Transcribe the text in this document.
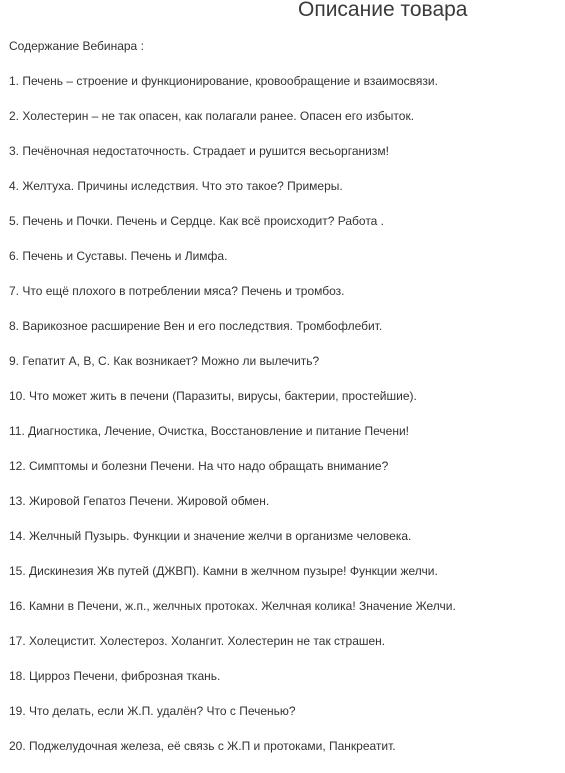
Описание товара

Содержание Вебинара :

1. Печень – строение и функционирование, кровообращение и взаимосвязи.
2. Холестерин – не так опасен, как полагали ранее. Опасен его избыток.
3. Печёночная недостаточность. Страдает и рушится весьорганизм!
4. Желтуха. Причины иследствия. Что это такое? Примеры.
5. Печень и Почки. Печень и Сердце. Как всё происходит? Работа .
6. Печень и Суставы. Печень и Лимфа.
7. Что ещё плохого в потреблении мяса? Печень и тромбоз.
8. Варикозное расширение Вен и его последствия. Тромбофлебит.
9. Гепатит А, В, С. Как возникает? Можно ли вылечить?
10. Что может жить в печени (Паразиты, вирусы, бактерии, простейшие).
11. Диагностика, Лечение, Очистка, Восстановление и питание Печени!
12. Симптомы и болезни Печени. На что надо обращать внимание?
13. Жировой Гепатоз Печени. Жировой обмен.
14. Желчный Пузырь. Функции и значение желчи в организме человека.
15. Дискинезия Жв путей (ДЖВП). Камни в желчном пузыре! Функции желчи.
16. Камни в Печени, ж.п., желчных протоках. Желчная колика! Значение Желчи.
17. Холецистит. Холестероз. Холангит. Холестерин не так страшен.
18. Цирроз Печени, фиброзная ткань.
19. Что делать, если Ж.П. удалён? Что с Печенью?
20. Поджелудочная железа, её связь с Ж.П и протоками, Панкреатит.
